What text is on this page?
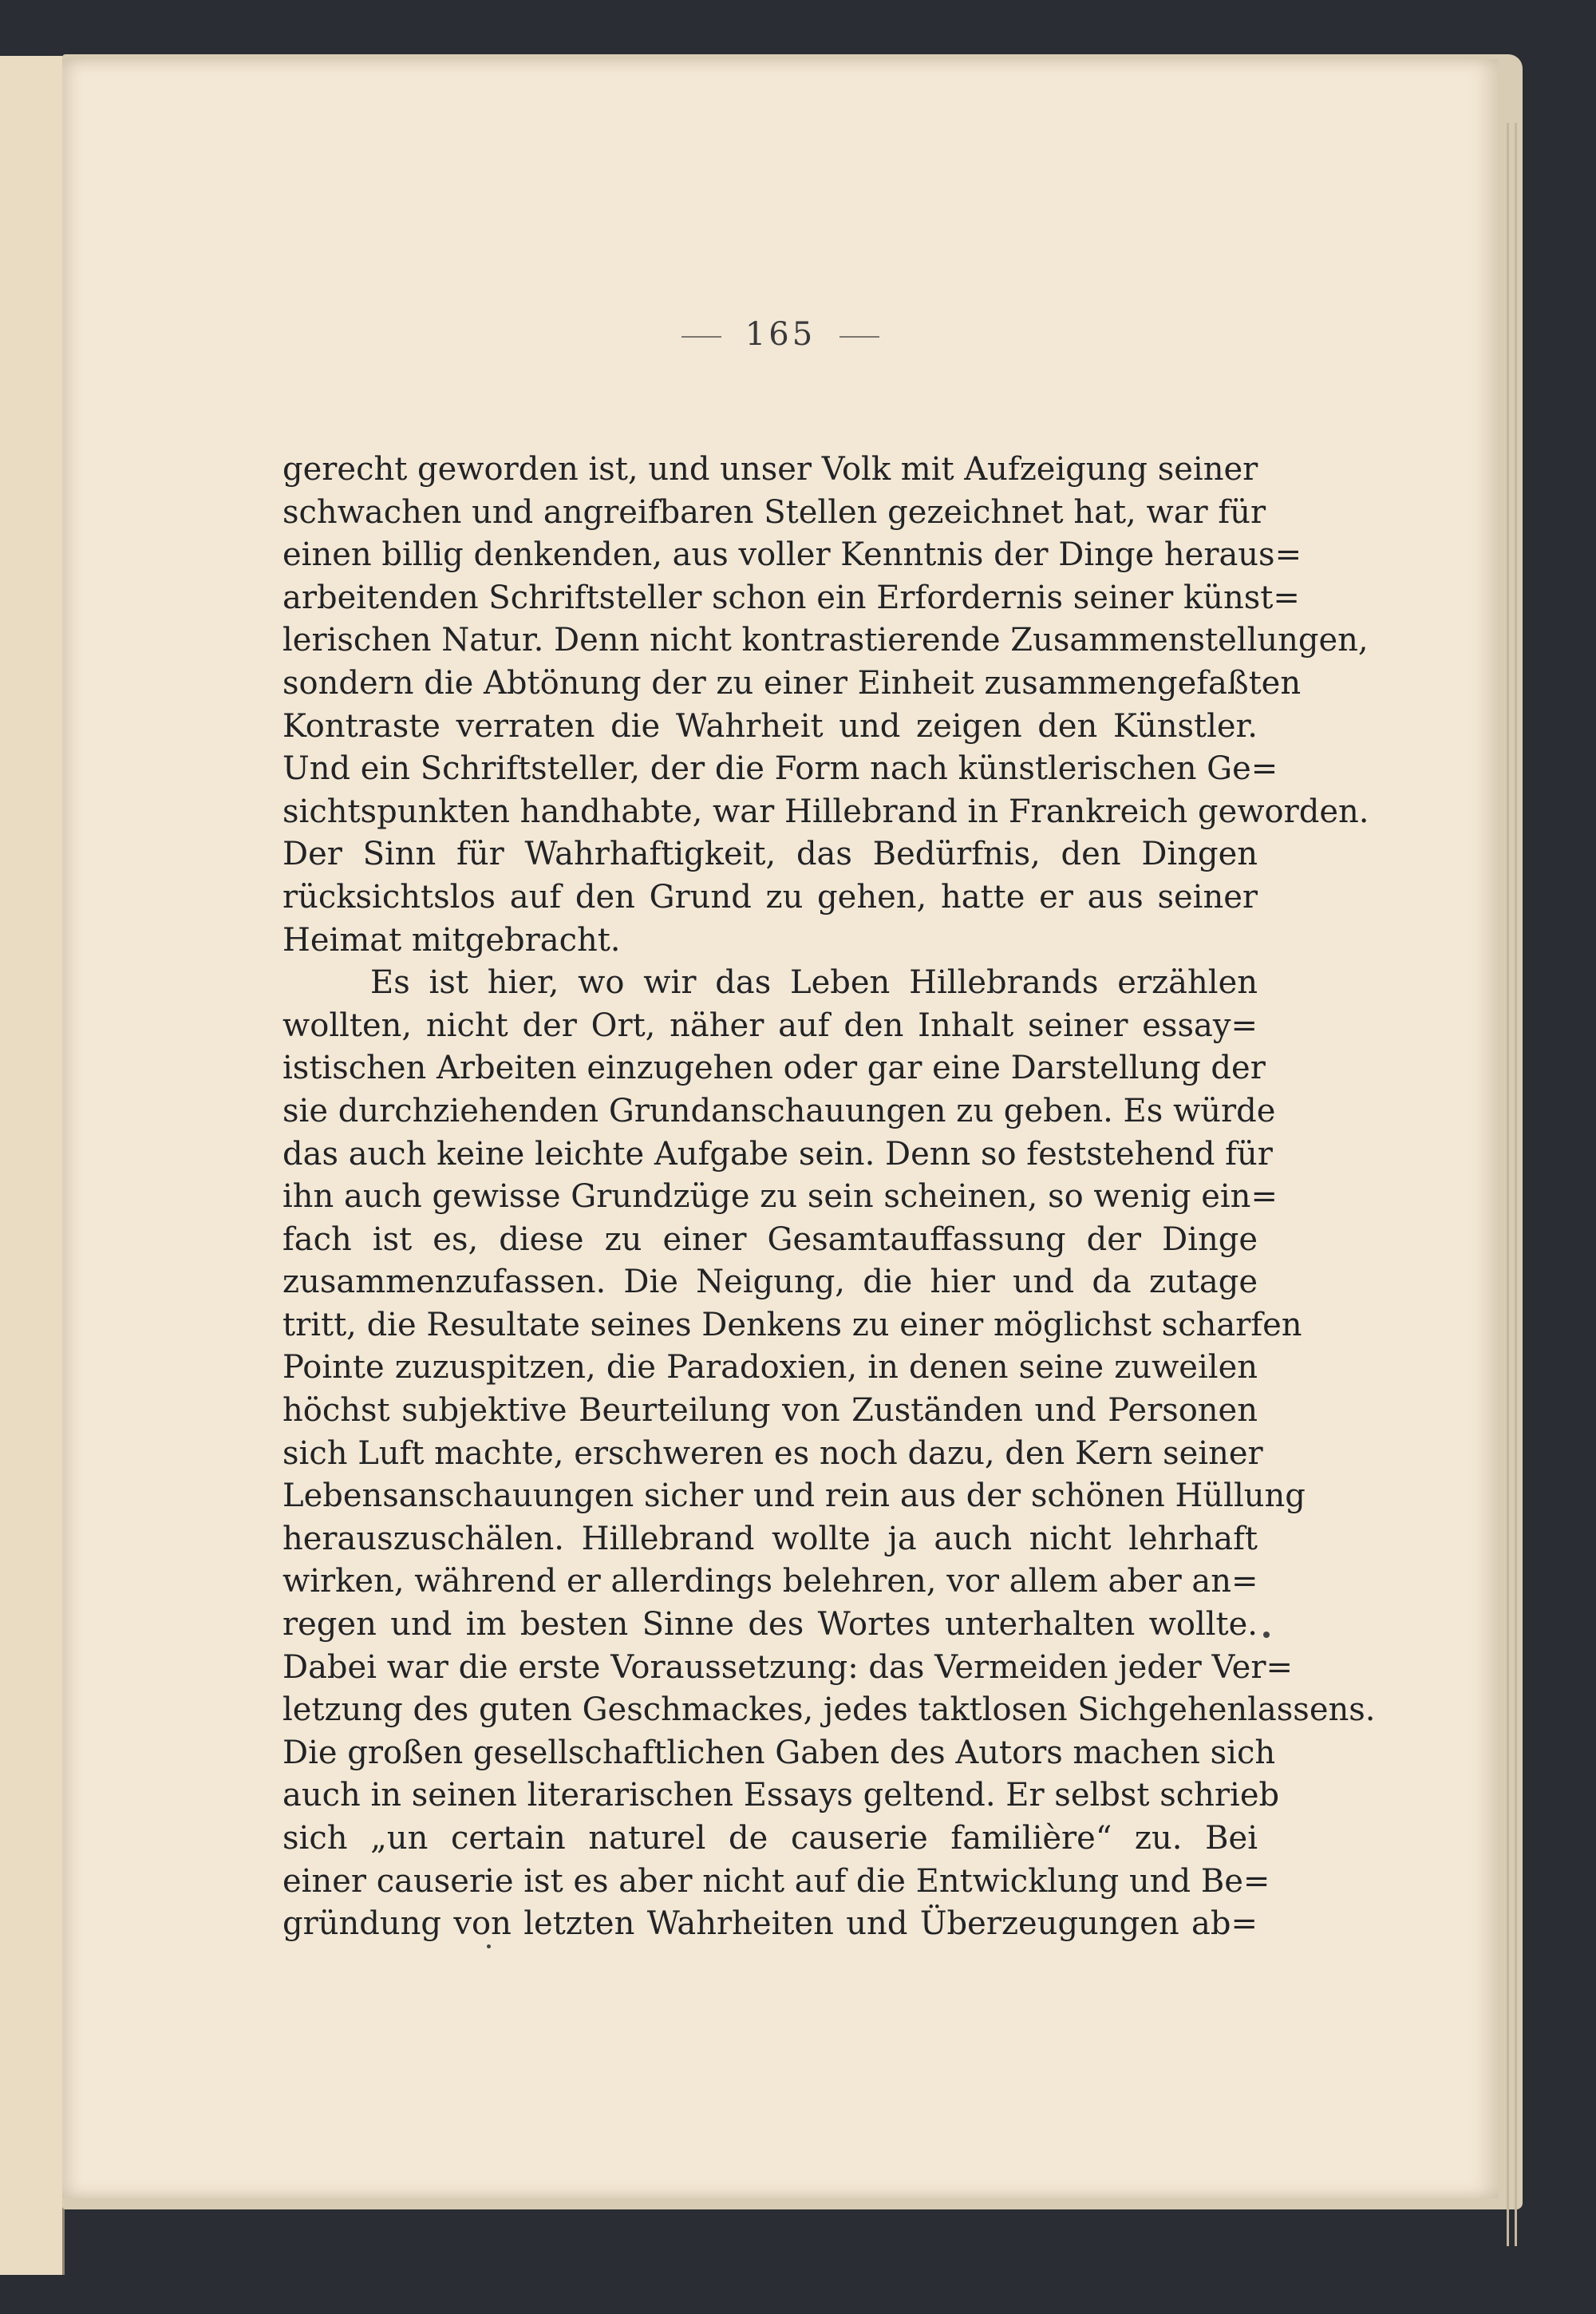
165
gerecht geworden ist, und unser Volk mit Aufzeigung seiner
schwachen und angreifbaren Stellen gezeichnet hat, war für
einen billig denkenden, aus voller Kenntnis der Dinge heraus=
arbeitenden Schriftsteller schon ein Erfordernis seiner künst=
lerischen Natur. Denn nicht kontrastierende Zusammenstellungen,
sondern die Abtönung der zu einer Einheit zusammengefaßten
Kontraste verraten die Wahrheit und zeigen den Künstler.
Und ein Schriftsteller, der die Form nach künstlerischen Ge=
sichtspunkten handhabte, war Hillebrand in Frankreich geworden.
Der Sinn für Wahrhaftigkeit, das Bedürfnis, den Dingen
rücksichtslos auf den Grund zu gehen, hatte er aus seiner
Heimat mitgebracht.
Es ist hier, wo wir das Leben Hillebrands erzählen
wollten, nicht der Ort, näher auf den Inhalt seiner essay=
istischen Arbeiten einzugehen oder gar eine Darstellung der
sie durchziehenden Grundanschauungen zu geben. Es würde
das auch keine leichte Aufgabe sein. Denn so feststehend für
ihn auch gewisse Grundzüge zu sein scheinen, so wenig ein=
fach ist es, diese zu einer Gesamtauffassung der Dinge
zusammenzufassen. Die Neigung, die hier und da zutage
tritt, die Resultate seines Denkens zu einer möglichst scharfen
Pointe zuzuspitzen, die Paradoxien, in denen seine zuweilen
höchst subjektive Beurteilung von Zuständen und Personen
sich Luft machte, erschweren es noch dazu, den Kern seiner
Lebensanschauungen sicher und rein aus der schönen Hüllung
herauszuschälen. Hillebrand wollte ja auch nicht lehrhaft
wirken, während er allerdings belehren, vor allem aber an=
regen und im besten Sinne des Wortes unterhalten wollte.
Dabei war die erste Voraussetzung: das Vermeiden jeder Ver=
letzung des guten Geschmackes, jedes taktlosen Sichgehenlassens.
Die großen gesellschaftlichen Gaben des Autors machen sich
auch in seinen literarischen Essays geltend. Er selbst schrieb
sich „un certain naturel de causerie familière“ zu. Bei
einer causerie ist es aber nicht auf die Entwicklung und Be=
gründung von letzten Wahrheiten und Überzeugungen ab=
